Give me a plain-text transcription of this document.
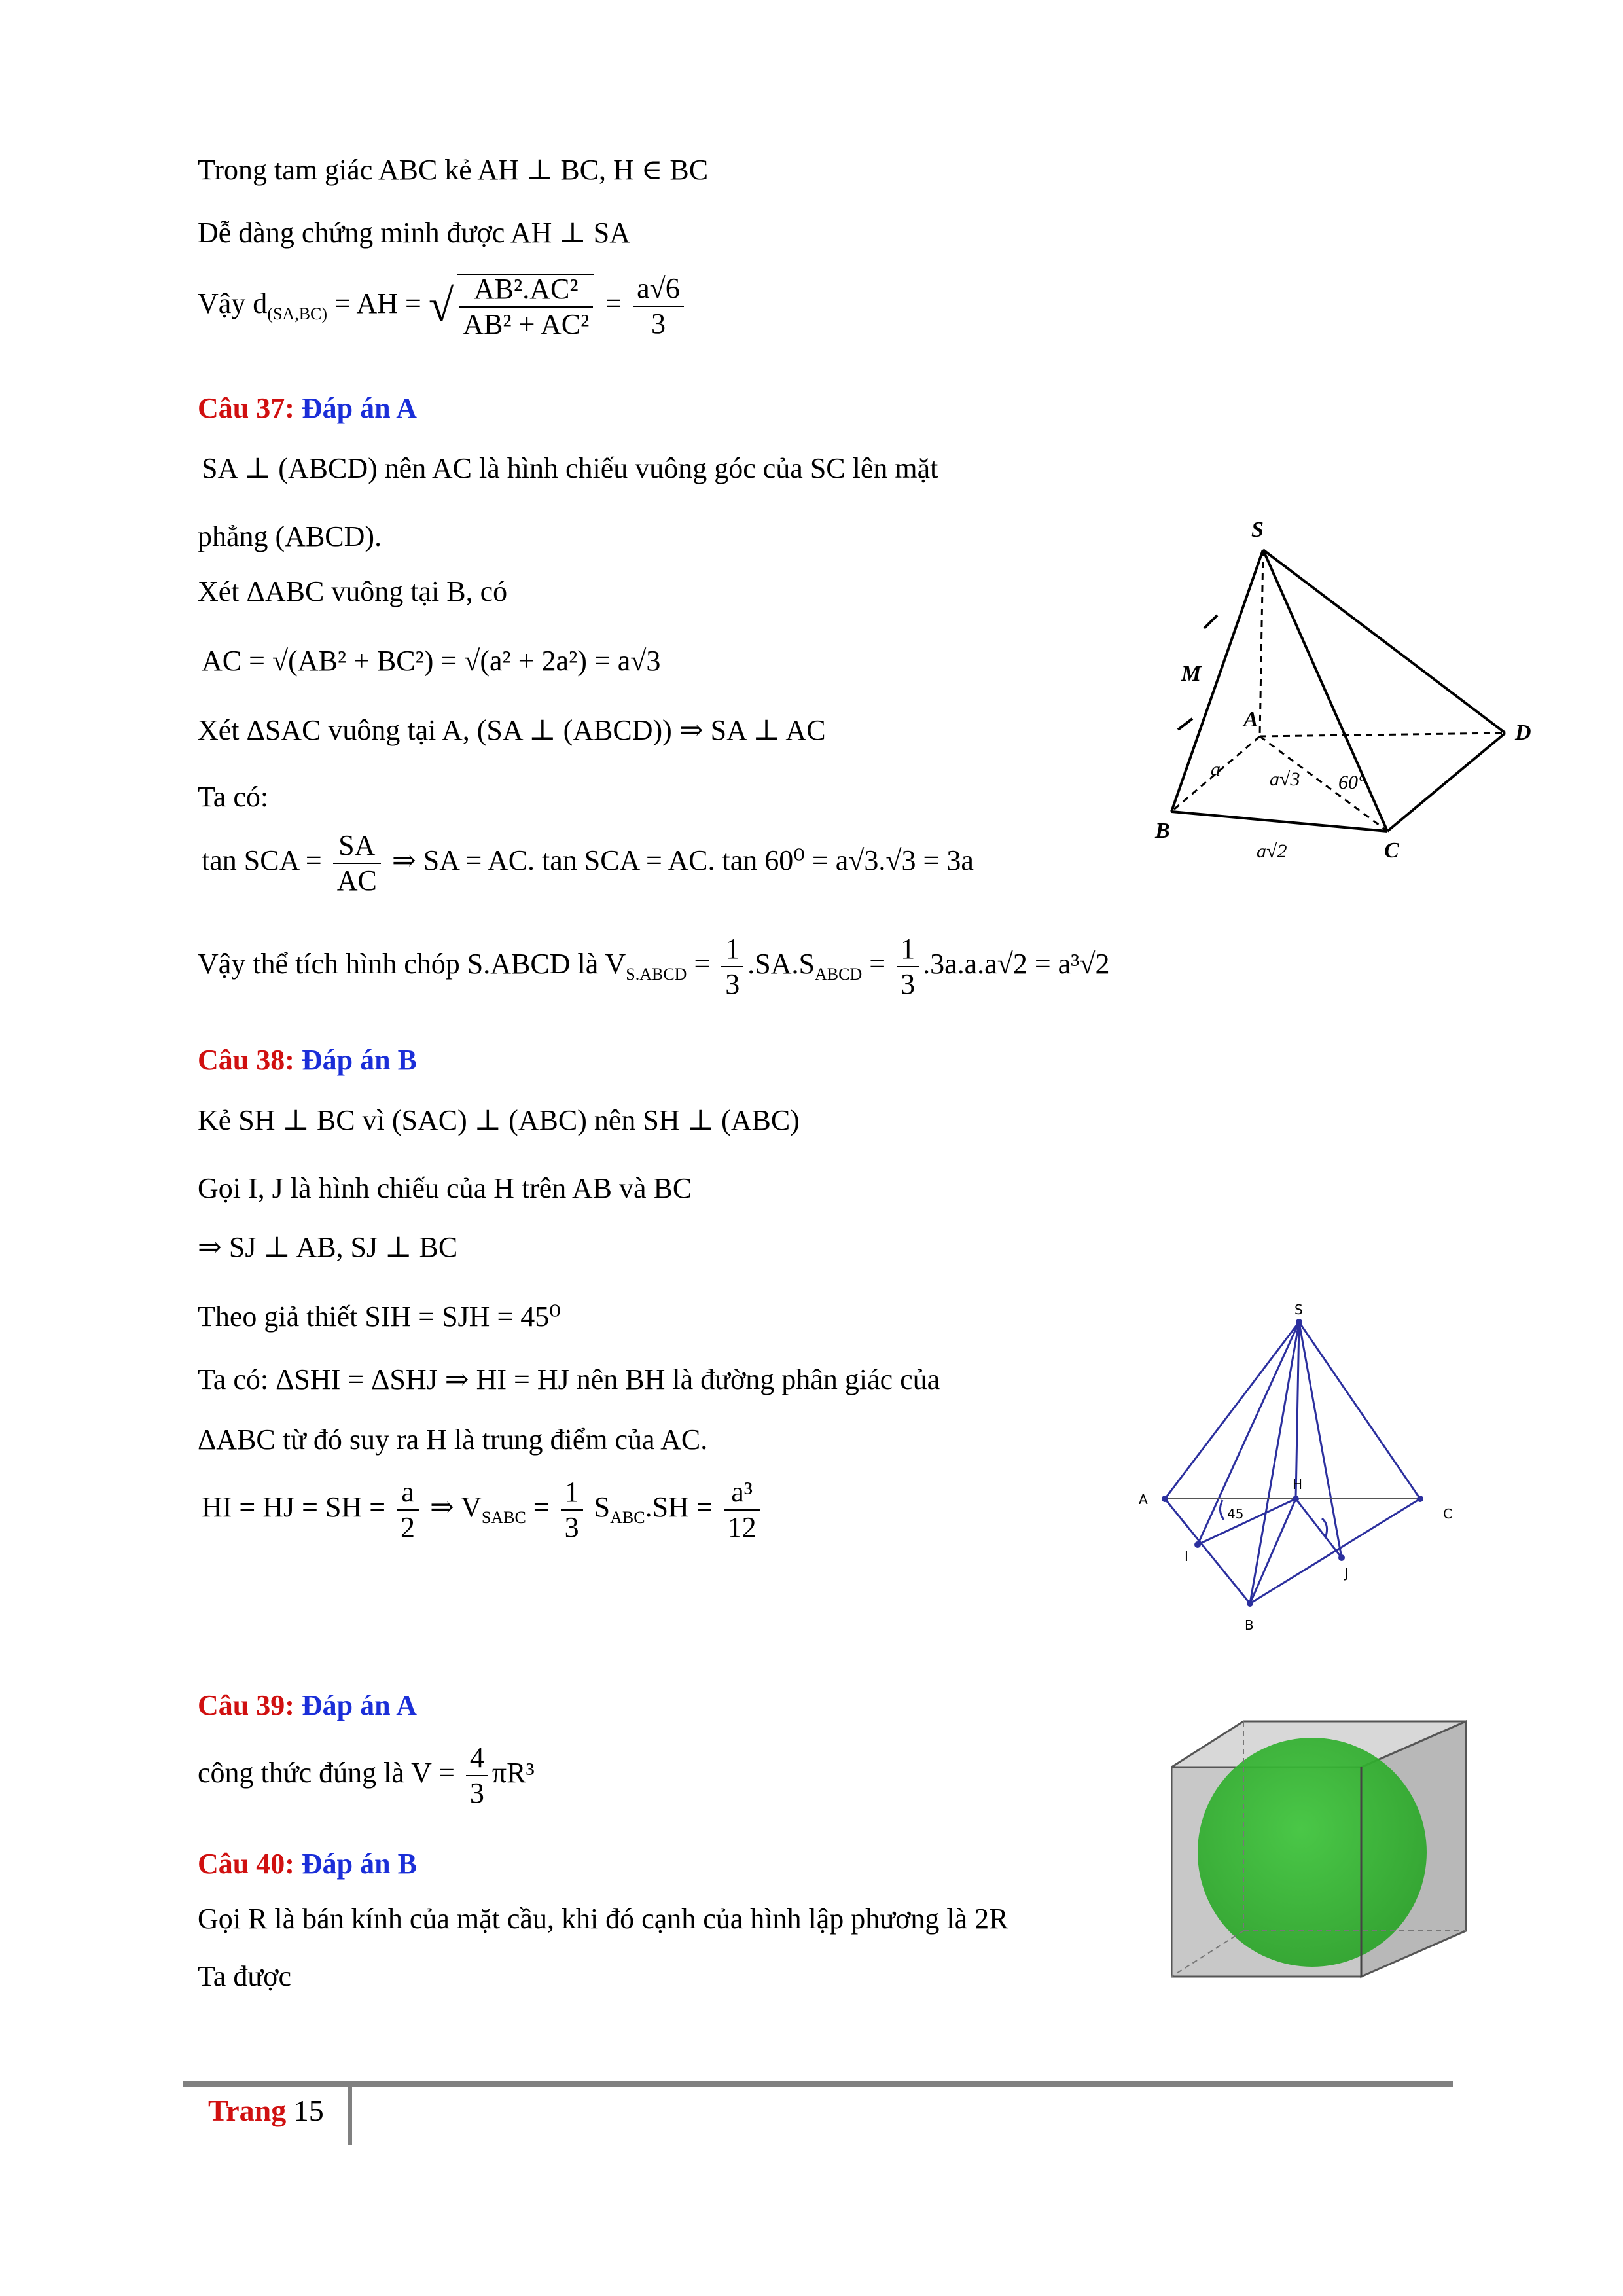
Trong tam giác ABC kẻ AH ⊥ BC, H ∈ BC
Dễ dàng chứng minh được AH ⊥ SA
Vậy $d_{(SA,BC)}$ = AH = √ $\frac{\text{AB².AC²}}{\text{AB² + AC²}} = \frac{a√6}{3}$
Câu 37: Đáp án A
SA ⊥ (ABCD) nên AC là hình chiếu vuông góc của SC lên mặt
phẳng (ABCD).
Xét ΔABC vuông tại B, có
AC = √(AB² + BC²) = √(a² + 2a²) = a√3
Xét ΔSAC vuông tại A, (SA ⊥ (ABCD)) ⇒ SA ⊥ AC
Ta có:
tan SCA = $\frac{SA}{AC}$ ⇒ SA = AC. tan SCA = AC. tan 60⁰ = a√3.√3 = 3a
Vậy thể tích hình chóp S.ABCD là $V_{S.ABCD} = \frac{1}{3} .SA.S_{ABCD} = \frac{1}{3} .3a.a.a√2 = a^3√2$
Câu 38: Đáp án B
Kẻ SH ⊥ BC vì (SAC) ⊥ (ABC) nên SH ⊥ (ABC)
Gọi I, J là hình chiếu của H trên AB và BC
⇒ SJ ⊥ AB, SJ ⊥ BC
Theo giả thiết SIH = SJH = 45⁰
Ta có: ΔSHI = ΔSHJ ⇒ HI = HJ nên BH là đường phân giác của
ΔABC từ đó suy ra H là trung điểm của AC.
HI = HJ = SH = $\frac{a}{2}$ ⇒ $V_{SABC} = \frac{1}{3} S_{ABC}.SH = \frac{\text{a³}}{12}$
Câu 39: Đáp án A
công thức đúng là $V = \frac{4}{3} \pi R^3$
Câu 40: Đáp án B
Gọi R là bán kính của mặt cầu, khi đó cạnh của hình lập phương là 2R
Ta được
S
A
B
C
D
M
a	a√3
a√2
60°
S
A
C
B
H
I
J
45
Trang 15
